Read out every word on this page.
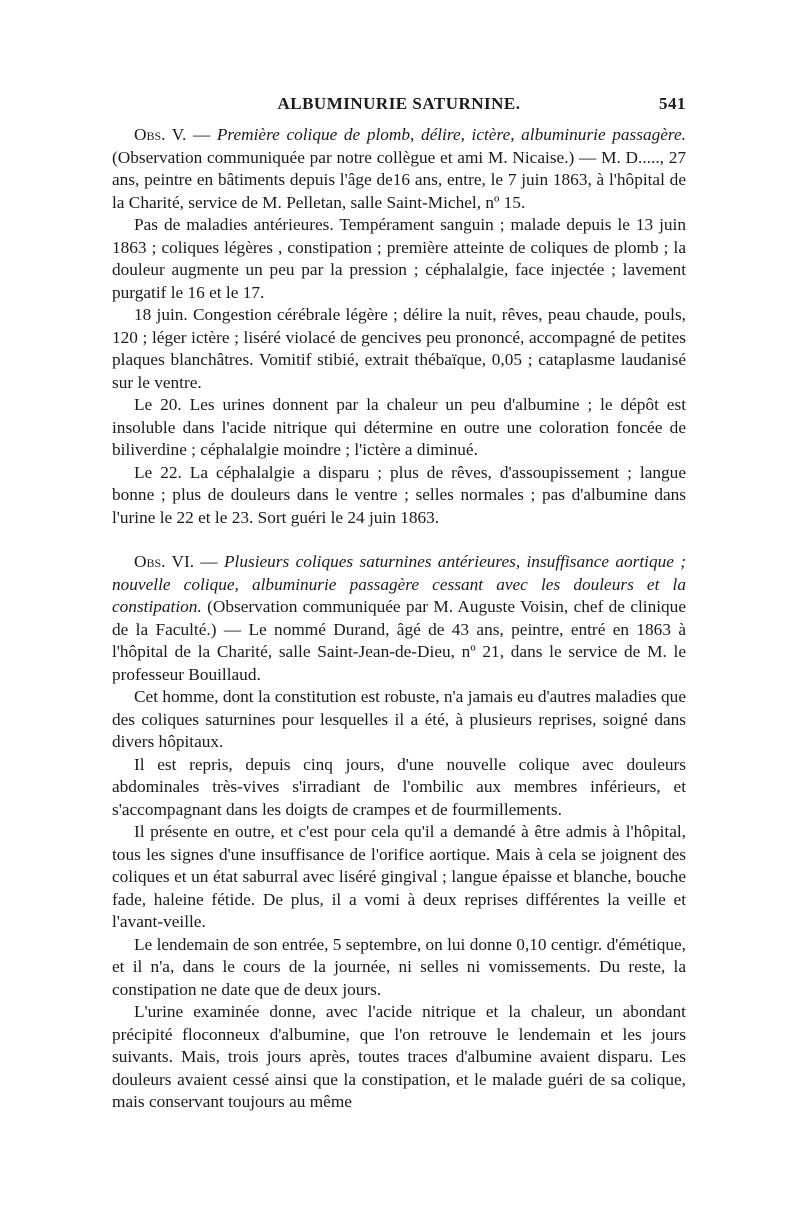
ALBUMINURIE SATURNINE.	541

Obs. V. — Première colique de plomb, délire, ictère, albuminurie passagère. (Observation communiquée par notre collègue et ami M. Nicaise.) — M. D....., 27 ans, peintre en bâtiments depuis l'âge de16 ans, entre, le 7 juin 1863, à l'hôpital de la Charité, service de M. Pelletan, salle Saint-Michel, nº 15.

Pas de maladies antérieures. Tempérament sanguin ; malade depuis le 13 juin 1863 ; coliques légères , constipation ; première atteinte de coliques de plomb ; la douleur augmente un peu par la pression ; céphalalgie, face injectée ; lavement purgatif le 16 et le 17.

18 juin. Congestion cérébrale légère ; délire la nuit, rêves, peau chaude, pouls, 120 ; léger ictère ; liséré violacé de gencives peu prononcé, accompagné de petites plaques blanchâtres. Vomitif stibié, extrait thébaïque, 0,05 ; cataplasme laudanisé sur le ventre.

Le 20. Les urines donnent par la chaleur un peu d'albumine ; le dépôt est insoluble dans l'acide nitrique qui détermine en outre une coloration foncée de biliverdine ; céphalalgie moindre ; l'ictère a diminué.

Le 22. La céphalalgie a disparu ; plus de rêves, d'assoupissement ; langue bonne ; plus de douleurs dans le ventre ; selles normales ; pas d'albumine dans l'urine le 22 et le 23. Sort guéri le 24 juin 1863.

Obs. VI. — Plusieurs coliques saturnines antérieures, insuffisance aortique ; nouvelle colique, albuminurie passagère cessant avec les douleurs et la constipation. (Observation communiquée par M. Auguste Voisin, chef de clinique de la Faculté.) — Le nommé Durand, âgé de 43 ans, peintre, entré en 1863 à l'hôpital de la Charité, salle Saint-Jean-de-Dieu, nº 21, dans le service de M. le professeur Bouillaud.

Cet homme, dont la constitution est robuste, n'a jamais eu d'autres maladies que des coliques saturnines pour lesquelles il a été, à plusieurs reprises, soigné dans divers hôpitaux.

Il est repris, depuis cinq jours, d'une nouvelle colique avec douleurs abdominales très-vives s'irradiant de l'ombilic aux membres inférieurs, et s'accompagnant dans les doigts de crampes et de fourmillements.

Il présente en outre, et c'est pour cela qu'il a demandé à être admis à l'hôpital, tous les signes d'une insuffisance de l'orifice aortique. Mais à cela se joignent des coliques et un état saburral avec liséré gingival ; langue épaisse et blanche, bouche fade, haleine fétide. De plus, il a vomi à deux reprises différentes la veille et l'avant-veille.

Le lendemain de son entrée, 5 septembre, on lui donne 0,10 centigr. d'émétique, et il n'a, dans le cours de la journée, ni selles ni vomissements. Du reste, la constipation ne date que de deux jours.

L'urine examinée donne, avec l'acide nitrique et la chaleur, un abondant précipité floconneux d'albumine, que l'on retrouve le lendemain et les jours suivants. Mais, trois jours après, toutes traces d'albumine avaient disparu. Les douleurs avaient cessé ainsi que la constipation, et le malade guéri de sa colique, mais conservant toujours au même
